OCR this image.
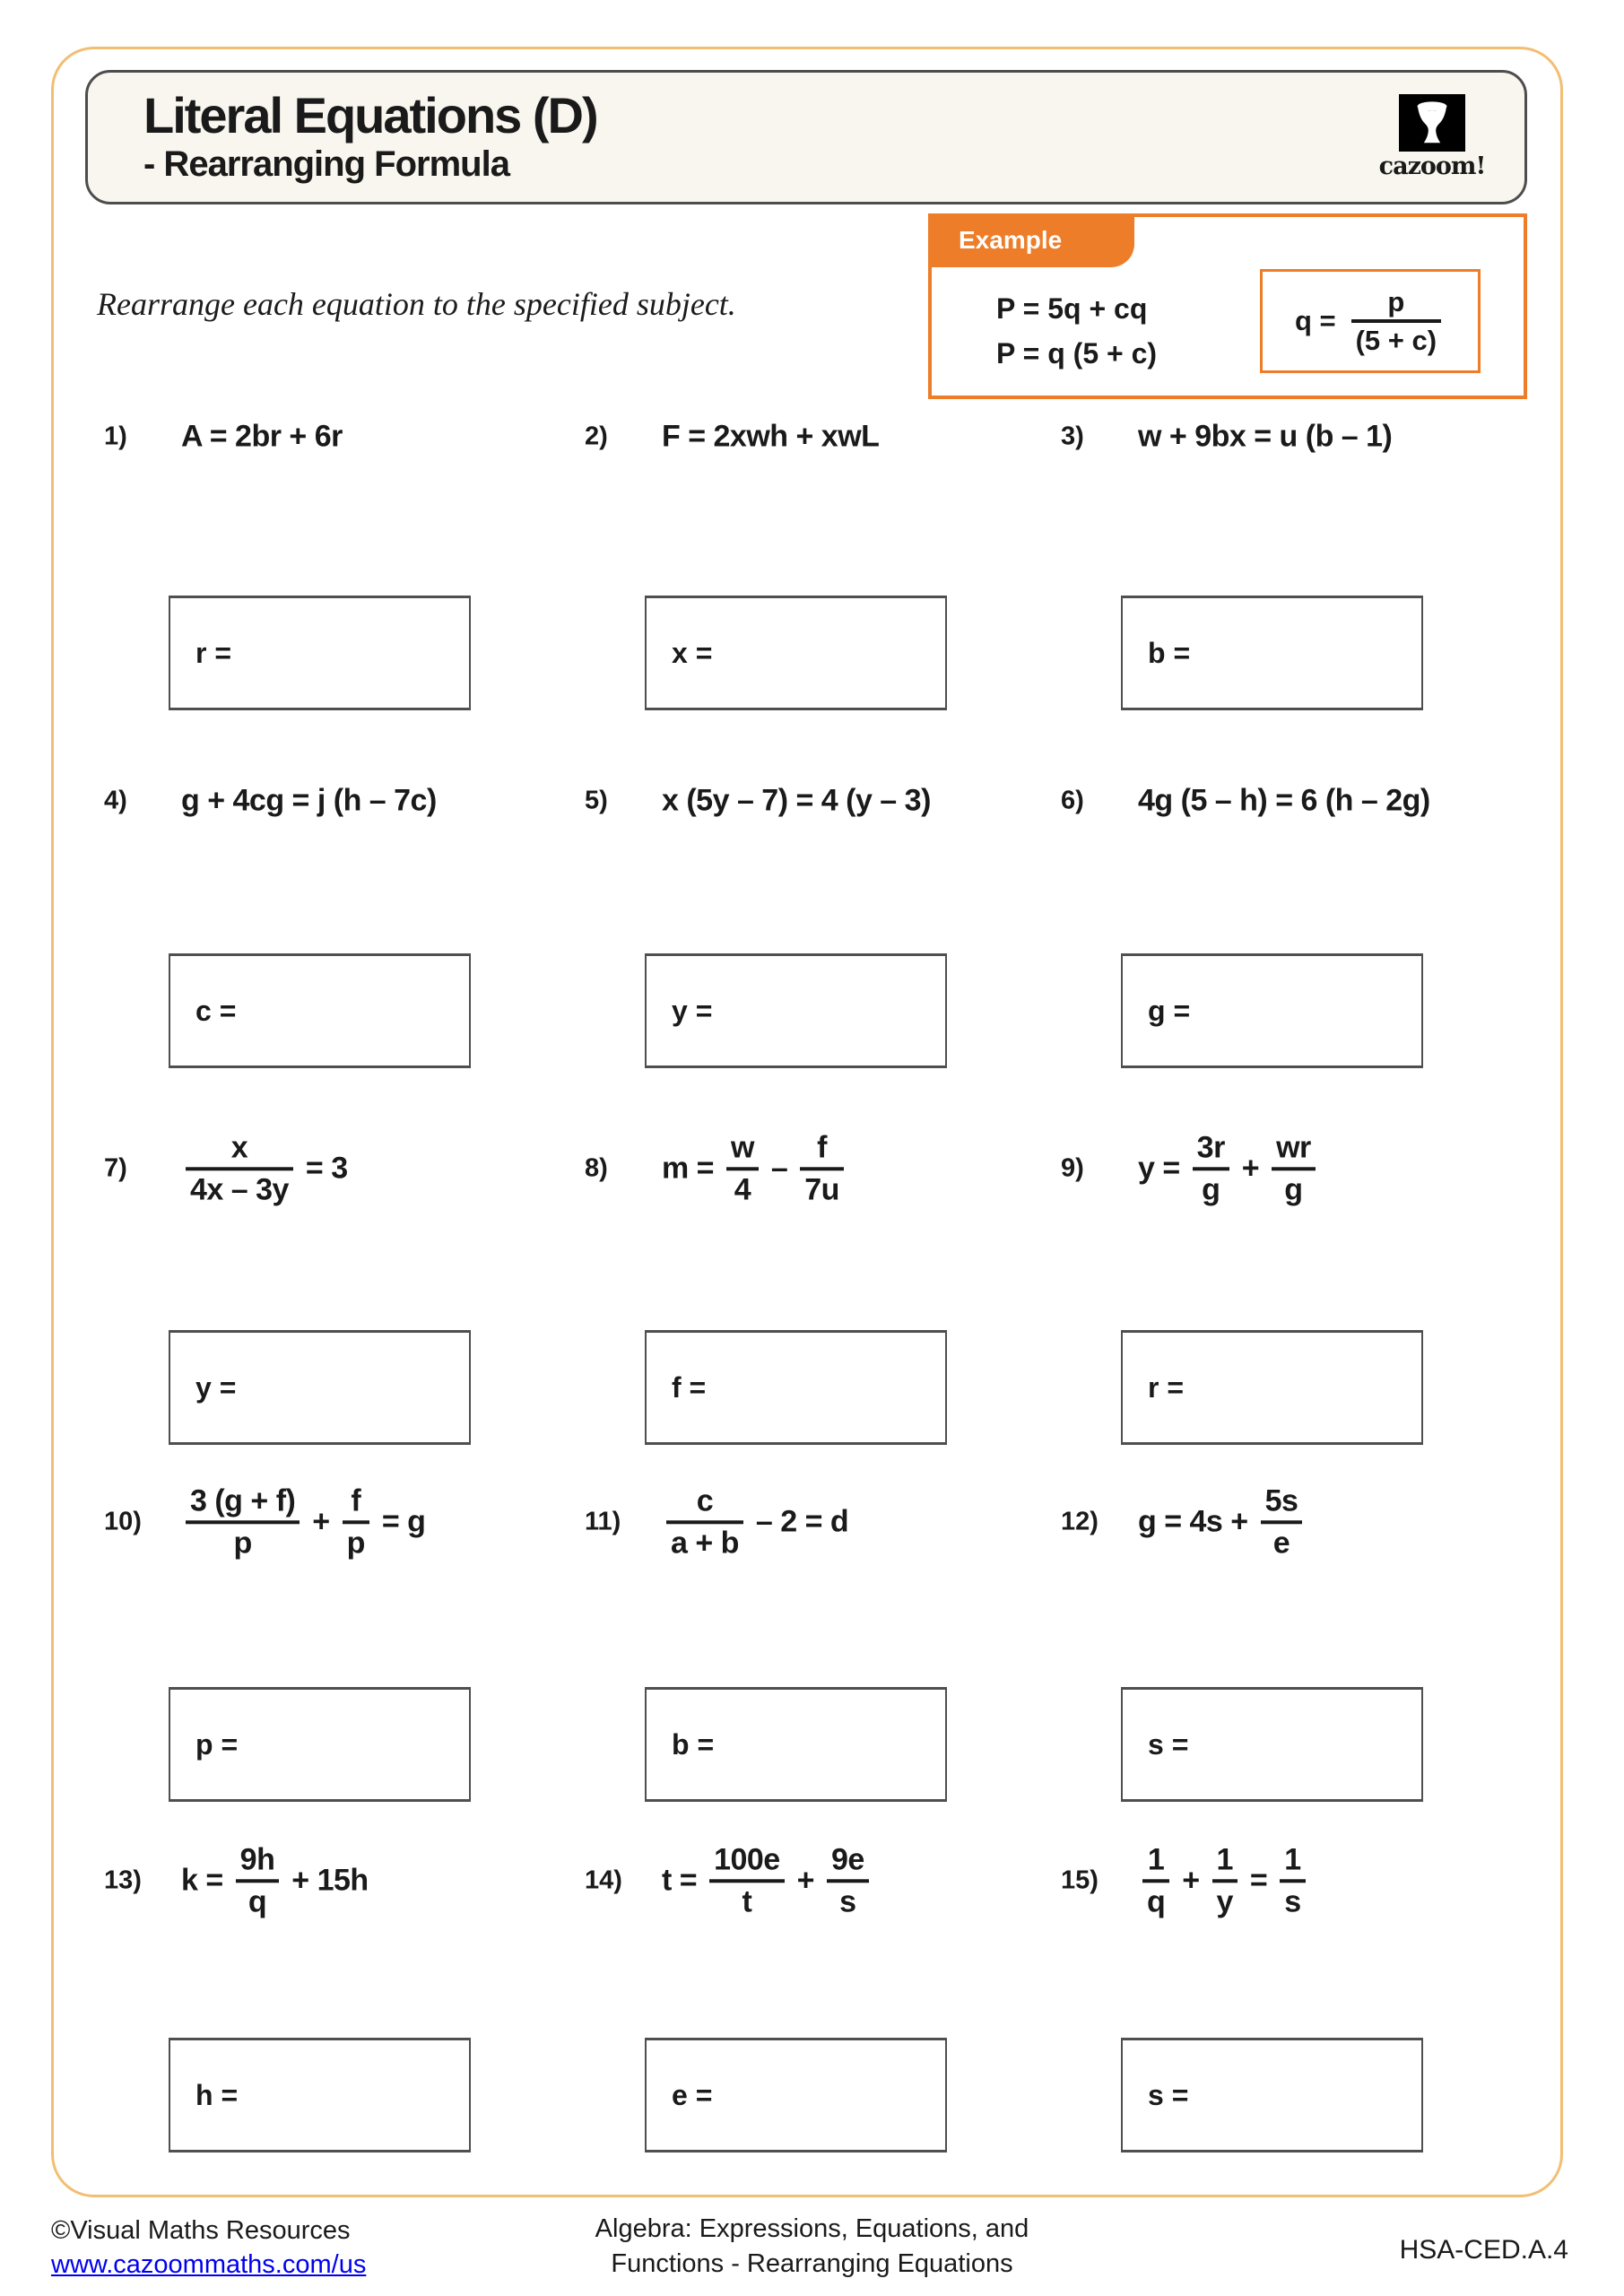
Literal Equations (D)
- Rearranging Formula	cazoom!
Example
P = 5q + cq
P = q (5 + c)
$q = \frac{p}{(5 + c)}$
Rearrange each equation to the specified subject.
1)	A = 2br + 6r
r =
2)	F = 2xwh + xwL
x =
3)	w + 9bx = u (b – 1)
b =
4)	g + 4cg = j (h – 7c)
c =
5)	x (5y – 7) = 4 (y – 3)
y =
6)	4g (5 – h) = 6 (h – 2g)
g =
7)	$\frac{x}{4x - 3y} = 3$
y =
8)	$m = \frac{w}{4} - \frac{f}{7u}$
f =
9)	$y = \frac{3r}{g} + \frac{wr}{g}$
r =
10)	$\frac{3 (g + f)}{p} + \frac{f}{p} = g$
p =
11)	$\frac{c}{a + b} - 2 = d$
b =
12)	$g = 4s + \frac{5s}{e}$
s =
13)	$k = \frac{9h}{q} + 15h$
h =
14)	$t = \frac{100e}{t} + \frac{9e}{s}$
e =
15)	$\frac{1}{q} + \frac{1}{y} = \frac{1}{s}$
s =
©Visual Maths Resources
www.cazoommaths.com/us
Algebra: Expressions, Equations, and
Functions - Rearranging Equations	HSA-CED.A.4
